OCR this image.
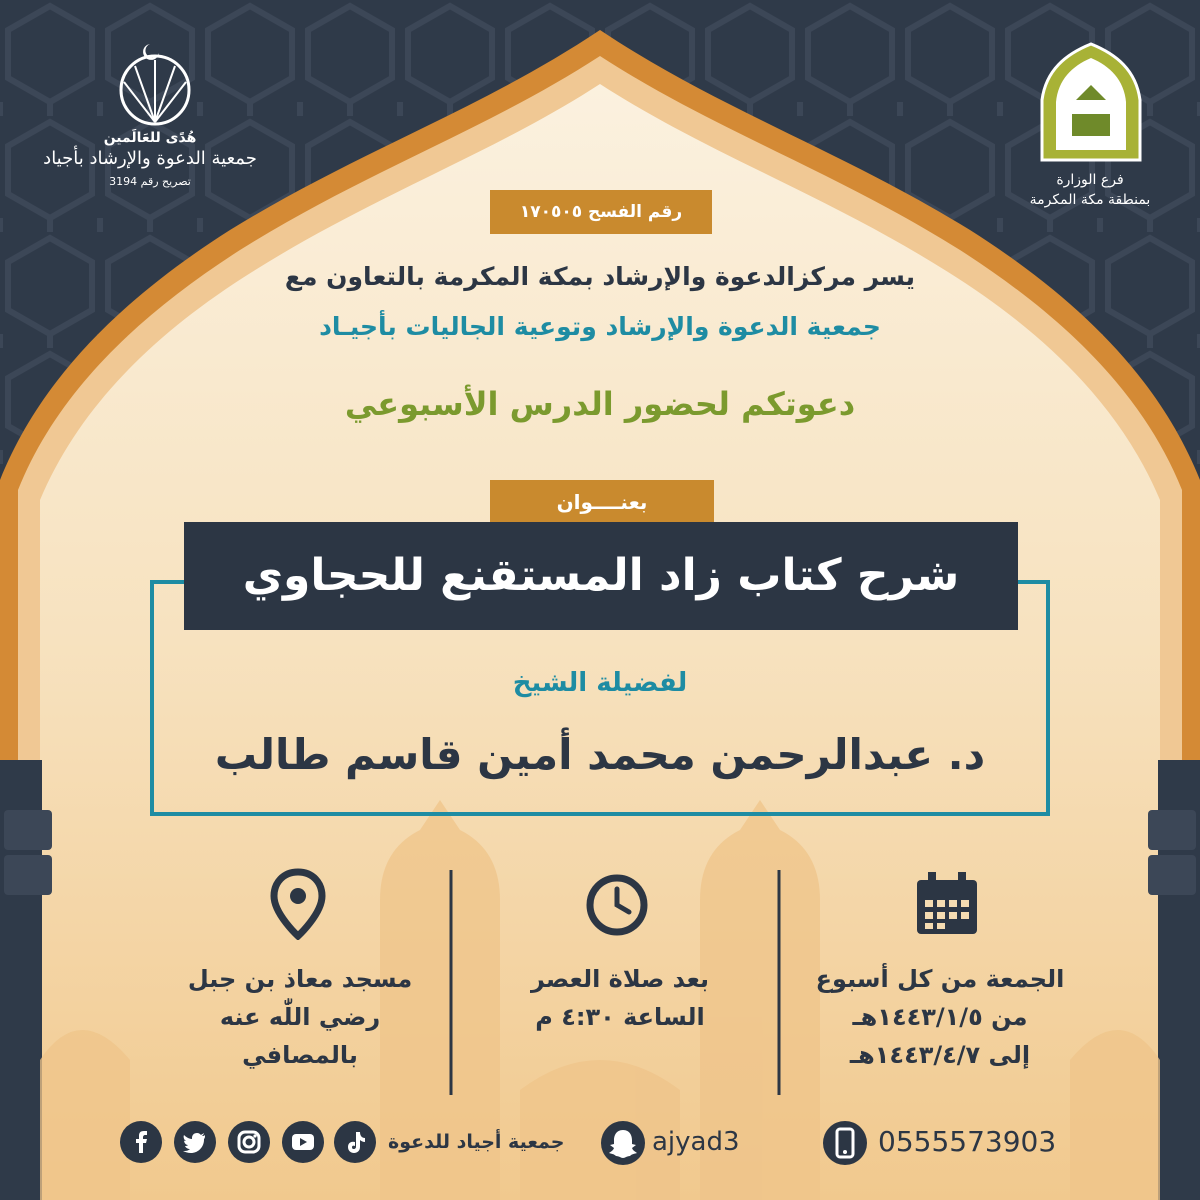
هُدًى للعَالَمين
جمعية الدعوة والإرشاد بأجياد
تصريح رقم 3194	فرع الوزارة
بمنطقة مكة المكرمة
رقم الفسح ١٧٠٥٠٥
يسر مركزالدعوة والإرشاد بمكة المكرمة بالتعاون مع
جمعية الدعوة والإرشاد وتوعية الجاليات بأجيـاد
دعوتكم لحضور الدرس الأسبوعي
بعنــــوان
شرح كتاب زاد المستقنع للحجاوي
لفضيلة الشيخ
د. عبدالرحمن محمد أمين قاسم طالب
مسجد معاذ بن جبل
رضي اللّٰه عنه
بالمصافي
بعد صلاة العصر
الساعة ٤:٣٠ م
الجمعة من كل أسبوع
من ١٤٤٣/١/٥هـ
إلى ١٤٤٣/٤/٧هـ
0555573903
ajyad3
جمعية أجياد للدعوة
